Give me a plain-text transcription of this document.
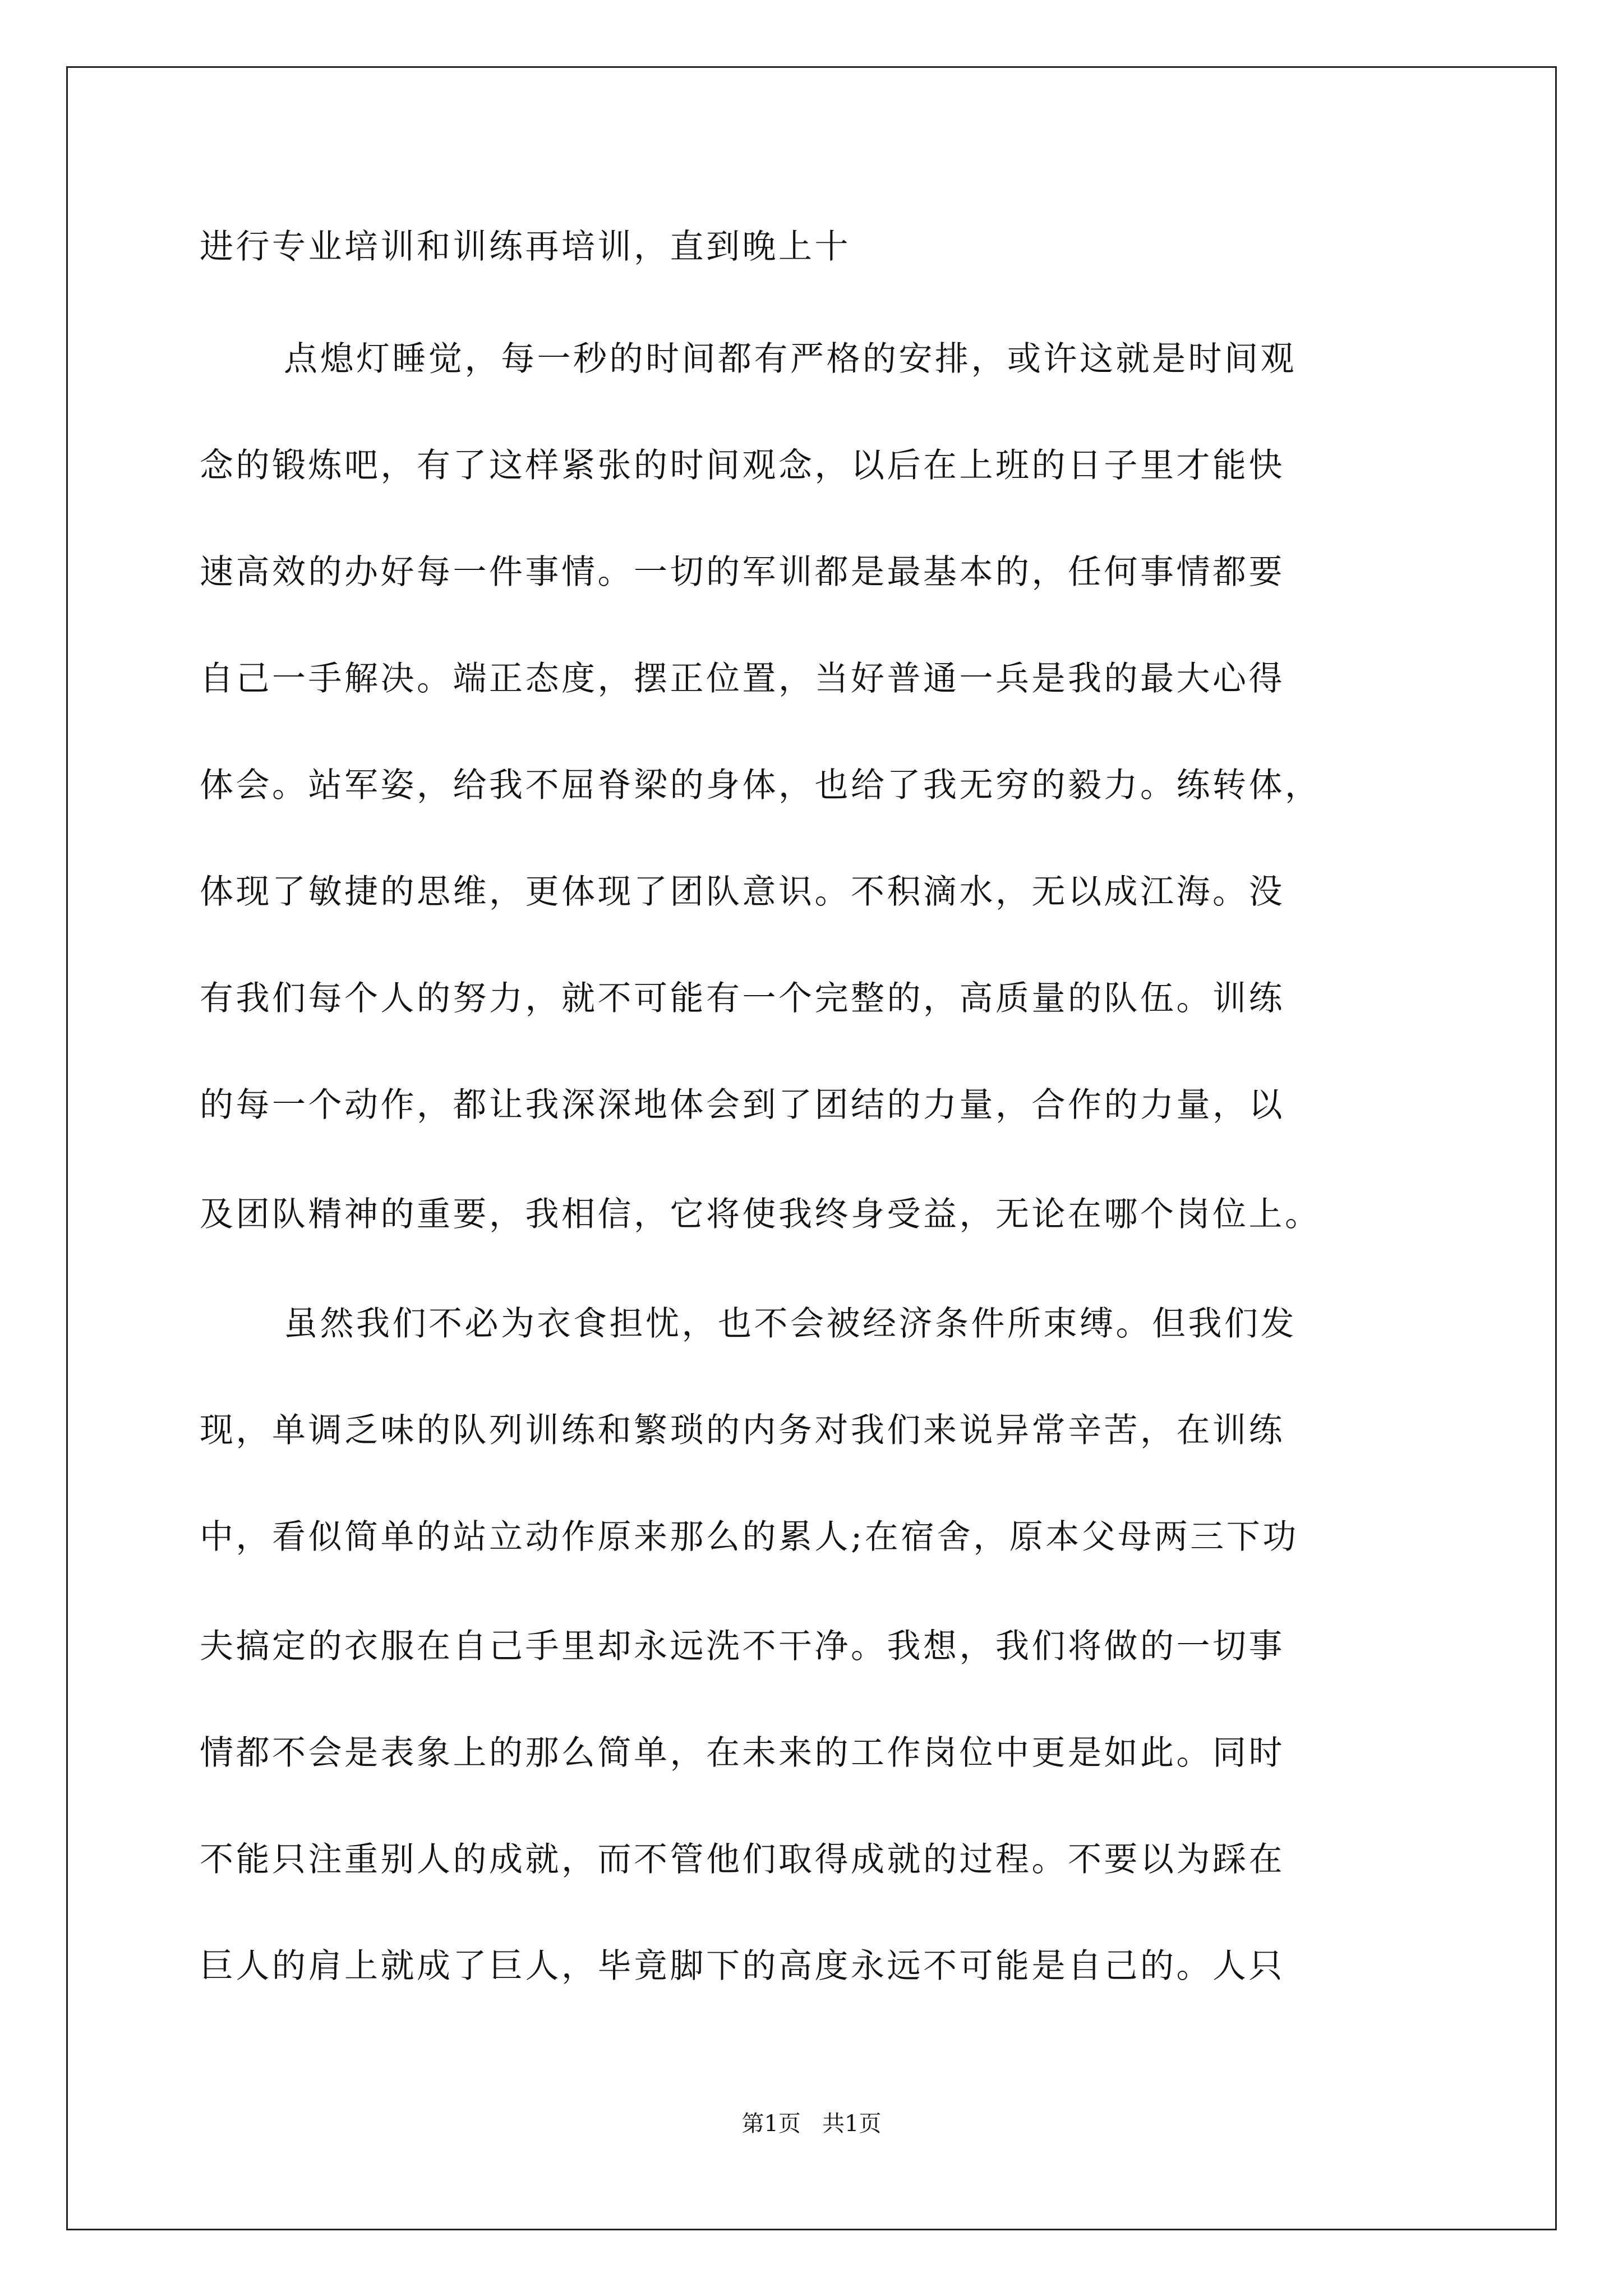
进行专业培训和训练再培训，直到晚上十
点熄灯睡觉，每一秒的时间都有严格的安排，或许这就是时间观
念的锻炼吧，有了这样紧张的时间观念，以后在上班的日子里才能快
速高效的办好每一件事情。一切的军训都是最基本的，任何事情都要
自己一手解决。端正态度，摆正位置，当好普通一兵是我的最大心得
体会。站军姿，给我不屈脊梁的身体，也给了我无穷的毅力。练转体，
体现了敏捷的思维，更体现了团队意识。不积滴水，无以成江海。没
有我们每个人的努力，就不可能有一个完整的，高质量的队伍。训练
的每一个动作，都让我深深地体会到了团结的力量，合作的力量，以
及团队精神的重要，我相信，它将使我终身受益，无论在哪个岗位上。
虽然我们不必为衣食担忧，也不会被经济条件所束缚。但我们发
现，单调乏味的队列训练和繁琐的内务对我们来说异常辛苦，在训练
中，看似简单的站立动作原来那么的累人;在宿舍，原本父母两三下功
夫搞定的衣服在自己手里却永远洗不干净。我想，我们将做的一切事
情都不会是表象上的那么简单，在未来的工作岗位中更是如此。同时
不能只注重别人的成就，而不管他们取得成就的过程。不要以为踩在
巨人的肩上就成了巨人，毕竟脚下的高度永远不可能是自己的。人只
第1页   共1页
